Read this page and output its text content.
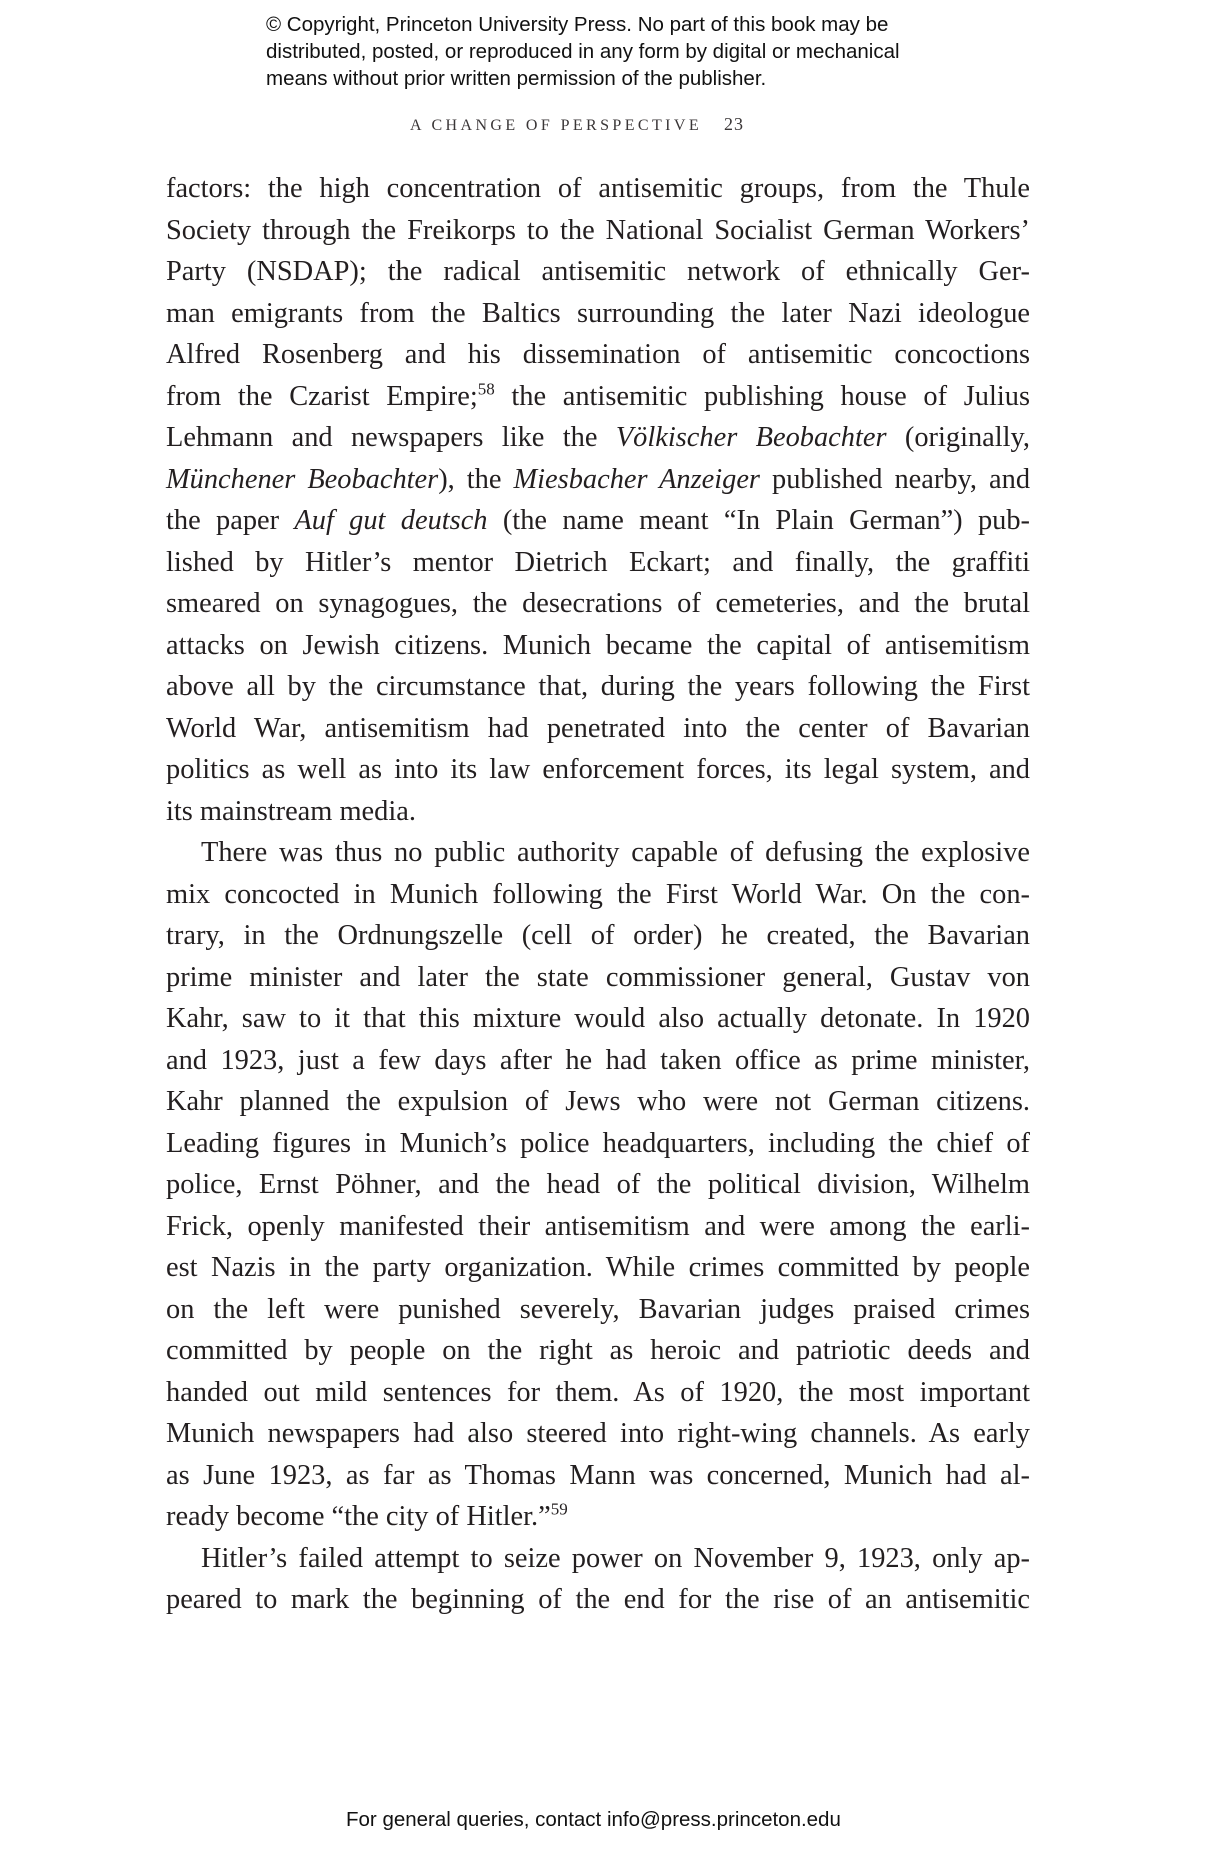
© Copyright, Princeton University Press. No part of this book may be
distributed, posted, or reproduced in any form by digital or mechanical
means without prior written permission of the publisher.
A CHANGE OF PERSPECTIVE 23
factors: the high concentration of antisemitic groups, from the Thule
Society through the Freikorps to the National Socialist German Workers’
Party (NSDAP); the radical antisemitic network of ethnically Ger-
man emigrants from the Baltics surrounding the later Nazi ideologue
Alfred Rosenberg and his dissemination of antisemitic concoctions
from the Czarist Empire;$^{58}$ the antisemitic publishing house of Julius
Lehmann and newspapers like the Völkischer Beobachter (originally,
Münchener Beobachter), the Miesbacher Anzeiger published nearby, and
the paper Auf gut deutsch (the name meant “In Plain German”) pub-
lished by Hitler’s mentor Dietrich Eckart; and finally, the graffiti
smeared on synagogues, the desecrations of cemeteries, and the brutal
attacks on Jewish citizens. Munich became the capital of antisemitism
above all by the circumstance that, during the years following the First
World War, antisemitism had penetrated into the center of Bavarian
politics as well as into its law enforcement forces, its legal system, and
its mainstream media.
There was thus no public authority capable of defusing the explosive
mix concocted in Munich following the First World War. On the con-
trary, in the Ordnungszelle (cell of order) he created, the Bavarian
prime minister and later the state commissioner general, Gustav von
Kahr, saw to it that this mixture would also actually detonate. In 1920
and 1923, just a few days after he had taken office as prime minister,
Kahr planned the expulsion of Jews who were not German citizens.
Leading figures in Munich’s police headquarters, including the chief of
police, Ernst Pöhner, and the head of the political division, Wilhelm
Frick, openly manifested their antisemitism and were among the earli-
est Nazis in the party organization. While crimes committed by people
on the left were punished severely, Bavarian judges praised crimes
committed by people on the right as heroic and patriotic deeds and
handed out mild sentences for them. As of 1920, the most important
Munich newspapers had also steered into right-wing channels. As early
as June 1923, as far as Thomas Mann was concerned, Munich had al-
ready become “the city of Hitler.”$^{59}$
Hitler’s failed attempt to seize power on November 9, 1923, only ap-
peared to mark the beginning of the end for the rise of an antisemitic
For general queries, contact info@press.princeton.edu
